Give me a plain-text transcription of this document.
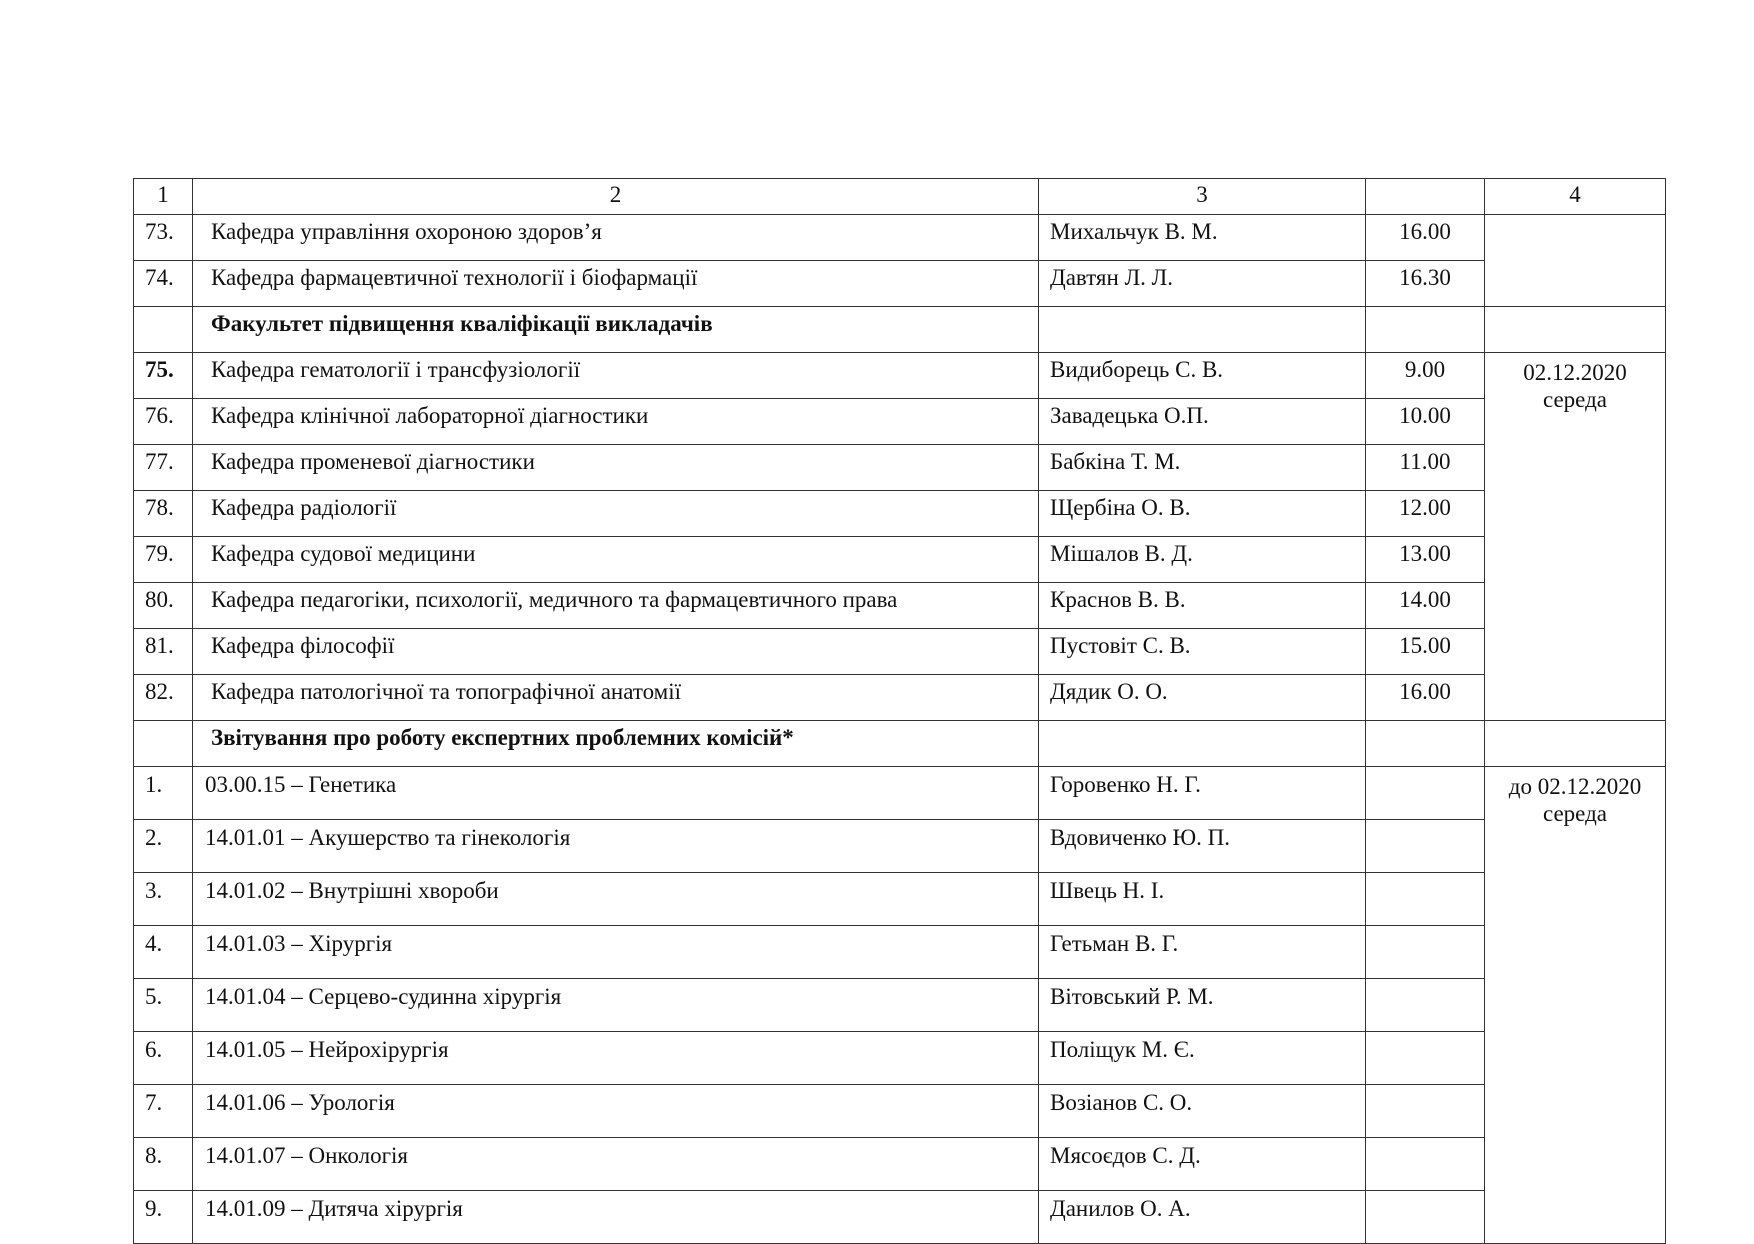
1	2	3		4
73.	Кафедра управління охороною здоров’я	Михальчук В. М.	16.00	
74.	Кафедра фармацевтичної технології і біофармації	Давтян Л. Л.	16.30	
	Факультет підвищення кваліфікації викладачів			
75.	Кафедра гематології і трансфузіології	Видиборець С. В.	9.00	02.12.2020
середа

76.	Кафедра клінічної лабораторної діагностики	Завадецька О.П.	10.00	
77.	Кафедра променевої діагностики	Бабкіна Т. М.	11.00	
78.	Кафедра радіології	Щербіна О. В.	12.00	
79.	Кафедра судової медицини	Мішалов В. Д.	13.00	
80.	Кафедра педагогіки, психології, медичного та фармацевтичного права	Краснов В. В.	14.00	
81.	Кафедра філософії	Пустовіт С. В.	15.00	
82.	Кафедра патологічної та топографічної анатомії	Дядик О. О.	16.00	
	Звітування про роботу експертних проблемних комісій*			
1.	03.00.15 – Генетика	Горовенко Н. Г.		до 02.12.2020
середа

2.	14.01.01 – Акушерство та гінекологія	Вдовиченко Ю. П.		
3.	14.01.02 – Внутрішні хвороби	Швець Н. І.		
4.	14.01.03 – Хірургія	Гетьман В. Г.		
5.	14.01.04 – Серцево-судинна хірургія	Вітовський Р. М.		
6.	14.01.05 – Нейрохірургія	Поліщук М. Є.		
7.	14.01.06 – Урологія	Возіанов С. О.		
8.	14.01.07 – Онкологія	Мясоєдов С. Д.		
9.	14.01.09 – Дитяча хірургія	Данилов О. А.		
